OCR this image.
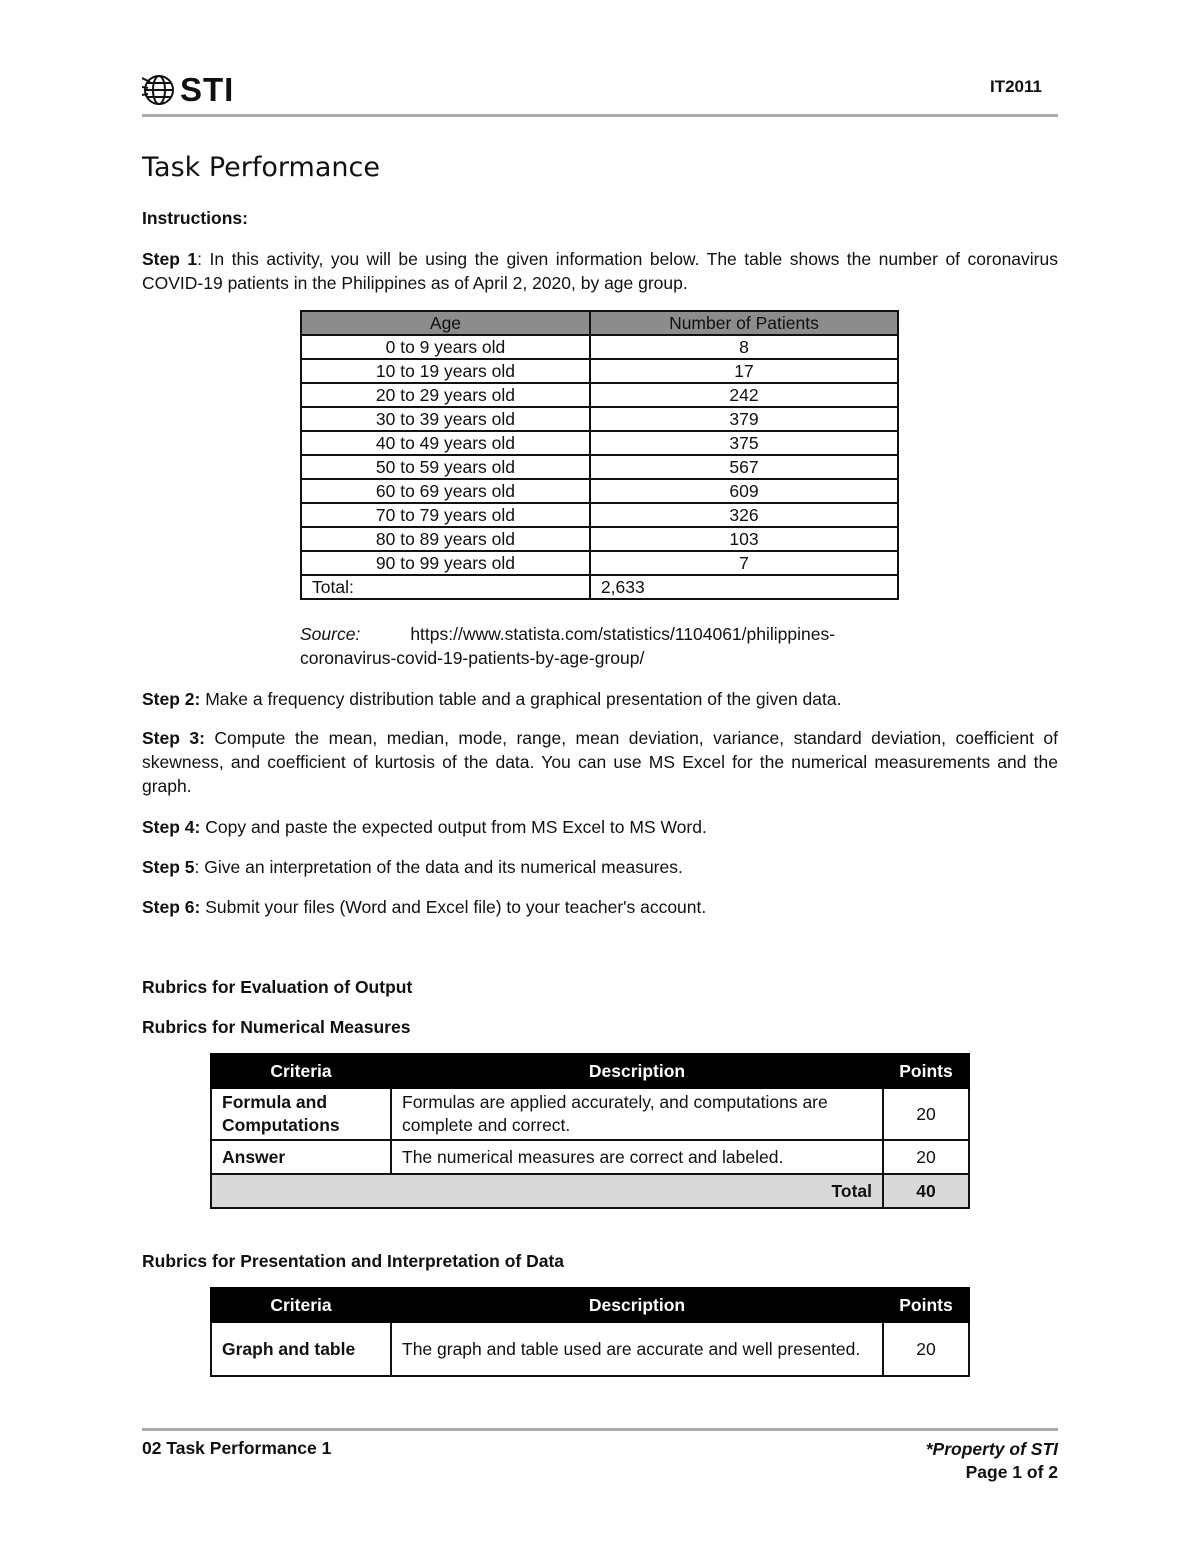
STI	IT2011
Task Performance
Instructions:
Step 1: In this activity, you will be using the given information below. The table shows the number of coronavirus COVID-19 patients in the Philippines as of April 2, 2020, by age group.
Age	Number of Patients
0 to 9 years old	8
10 to 19 years old	17
20 to 29 years old	242
30 to 39 years old	379
40 to 49 years old	375
50 to 59 years old	567
60 to 69 years old	609
70 to 79 years old	326
80 to 89 years old	103
90 to 99 years old	7
Total:	2,633
Source:	https://www.statista.com/statistics/1104061/philippines-coronavirus-covid-19-patients-by-age-group/
Step 2: Make a frequency distribution table and a graphical presentation of the given data.
Step 3: Compute the mean, median, mode, range, mean deviation, variance, standard deviation, coefficient of skewness, and coefficient of kurtosis of the data. You can use MS Excel for the numerical measurements and the graph.
Step 4: Copy and paste the expected output from MS Excel to MS Word.
Step 5: Give an interpretation of the data and its numerical measures.
Step 6: Submit your files (Word and Excel file) to your teacher's account.
Rubrics for Evaluation of Output
Rubrics for Numerical Measures
Criteria	Description	Points
Formula and Computations	Formulas are applied accurately, and computations are complete and correct.	20
Answer	The numerical measures are correct and labeled.	20
Total		40
Rubrics for Presentation and Interpretation of Data
Criteria	Description	Points
Graph and table	The graph and table used are accurate and well presented.	20
02 Task Performance 1	*Property of STI
Page 1 of 2
